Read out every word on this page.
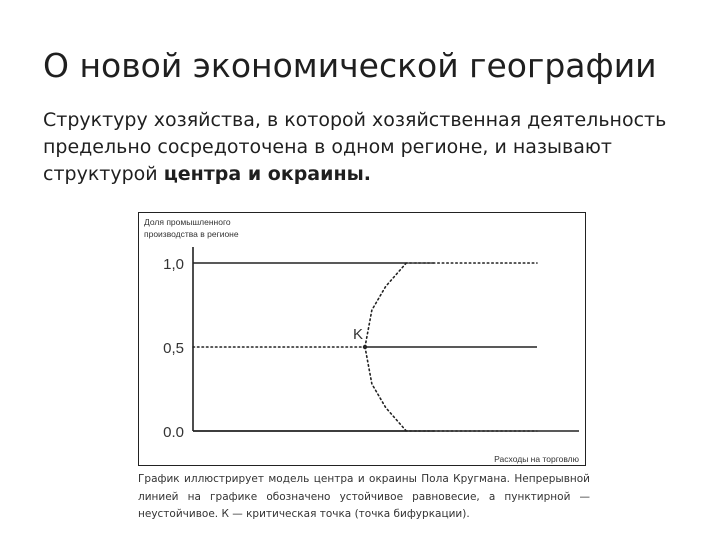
О новой экономической географии
Структуру хозяйства, в которой хозяйственная деятельность предельно сосредоточена в одном регионе, и называют структурой центра и окраины.
Доля промышленного
производства в регионе
1,0
0,5
0.0
Расходы на торговлю
K
График иллюстрирует модель центра и окраины Пола Кругмана. Непрерывной линией на графике обозначено устойчивое равновесие, а пунктирной — неустойчивое. К — критическая точка (точка бифуркации).
